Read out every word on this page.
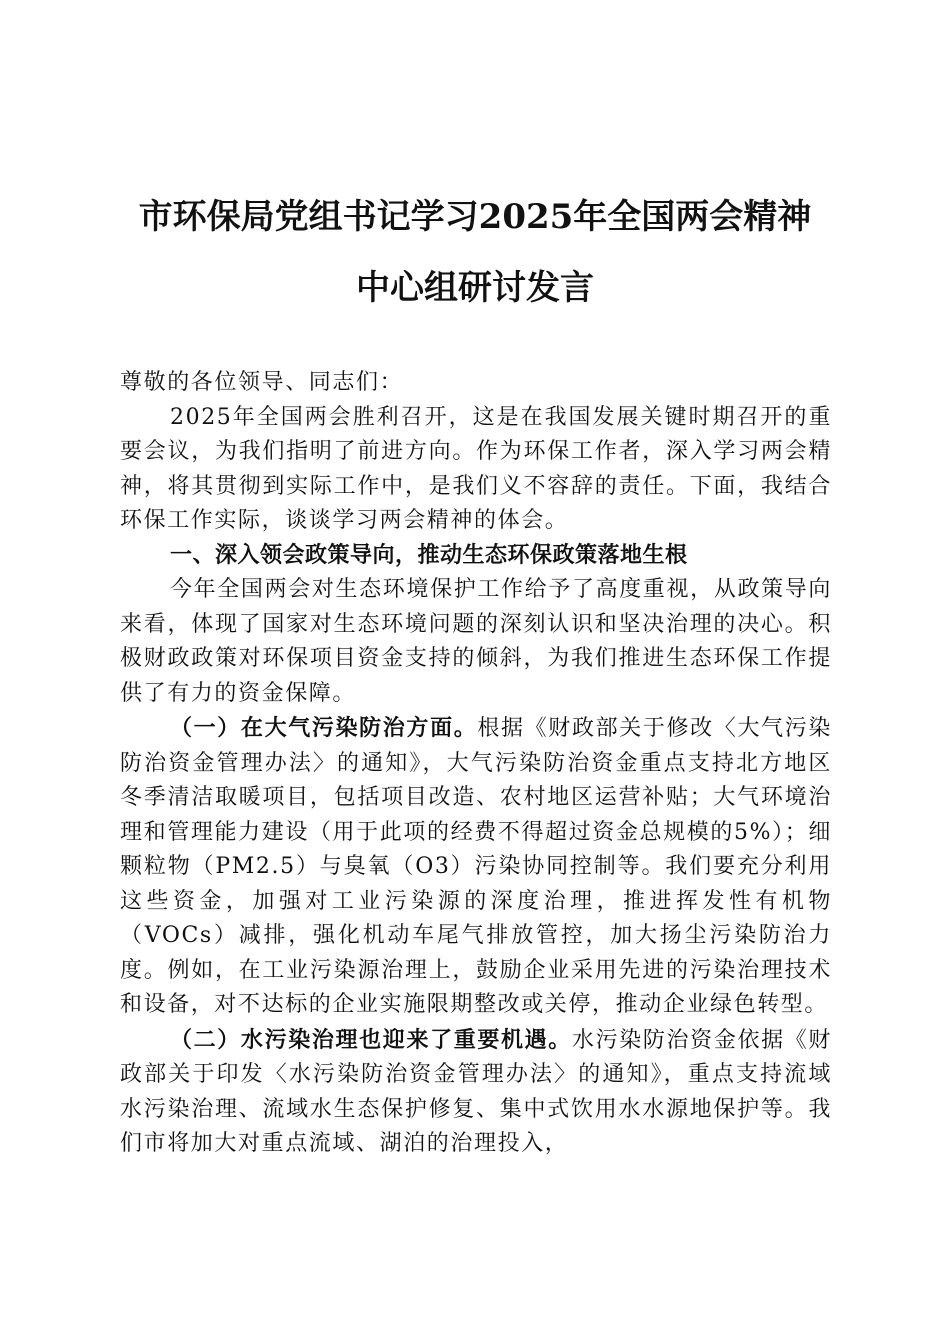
市环保局党组书记学习2025年全国两会精神
中心组研讨发言

尊敬的各位领导、同志们：

2025年全国两会胜利召开，这是在我国发展关键时期召开的重要会议，为我们指明了前进方向。作为环保工作者，深入学习两会精神，将其贯彻到实际工作中，是我们义不容辞的责任。下面，我结合环保工作实际，谈谈学习两会精神的体会。

一、深入领会政策导向，推动生态环保政策落地生根

今年全国两会对生态环境保护工作给予了高度重视，从政策导向来看，体现了国家对生态环境问题的深刻认识和坚决治理的决心。积极财政政策对环保项目资金支持的倾斜，为我们推进生态环保工作提供了有力的资金保障。

（一）在大气污染防治方面。根据《财政部关于修改〈大气污染防治资金管理办法〉的通知》，大气污染防治资金重点支持北方地区冬季清洁取暖项目，包括项目改造、农村地区运营补贴；大气环境治理和管理能力建设（用于此项的经费不得超过资金总规模的5%）；细颗粒物（PM2.5）与臭氧（O3）污染协同控制等。我们要充分利用这些资金，加强对工业污染源的深度治理，推进挥发性有机物（VOCs）减排，强化机动车尾气排放管控，加大扬尘污染防治力度。例如，在工业污染源治理上，鼓励企业采用先进的污染治理技术和设备，对不达标的企业实施限期整改或关停，推动企业绿色转型。

（二）水污染治理也迎来了重要机遇。水污染防治资金依据《财政部关于印发〈水污染防治资金管理办法〉的通知》，重点支持流域水污染治理、流域水生态保护修复、集中式饮用水水源地保护等。我们市将加大对重点流域、湖泊的治理投入，
